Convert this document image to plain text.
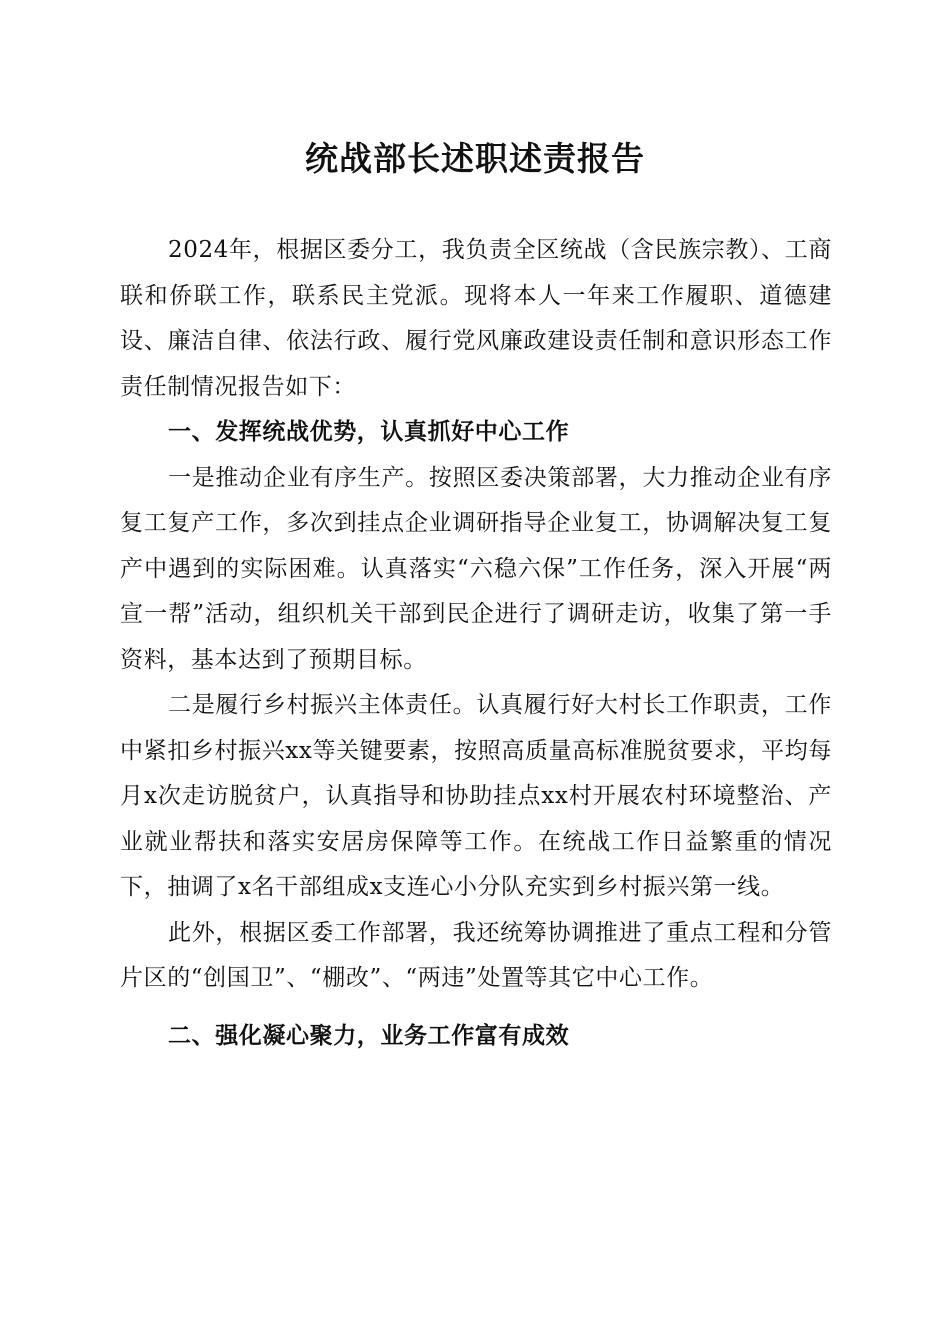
统战部长述职述责报告

2024年，根据区委分工，我负责全区统战（含民族宗教）、工商联和侨联工作，联系民主党派。现将本人一年来工作履职、道德建设、廉洁自律、依法行政、履行党风廉政建设责任制和意识形态工作责任制情况报告如下：

一、发挥统战优势，认真抓好中心工作

一是推动企业有序生产。按照区委决策部署，大力推动企业有序复工复产工作，多次到挂点企业调研指导企业复工，协调解决复工复产中遇到的实际困难。认真落实“六稳六保”工作任务，深入开展“两宣一帮”活动，组织机关干部到民企进行了调研走访，收集了第一手资料，基本达到了预期目标。

二是履行乡村振兴主体责任。认真履行好大村长工作职责，工作中紧扣乡村振兴xx等关键要素，按照高质量高标准脱贫要求，平均每月x次走访脱贫户，认真指导和协助挂点xx村开展农村环境整治、产业就业帮扶和落实安居房保障等工作。在统战工作日益繁重的情况下，抽调了x名干部组成x支连心小分队充实到乡村振兴第一线。

此外，根据区委工作部署，我还统筹协调推进了重点工程和分管片区的“创国卫”、“棚改”、“两违”处置等其它中心工作。

二、强化凝心聚力，业务工作富有成效
